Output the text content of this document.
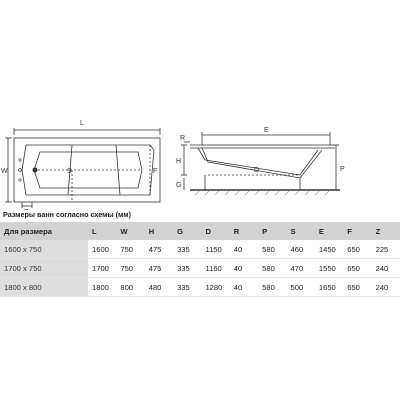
L
W	S	F
R
H
G
E
D	P
Размеры ванн согласно схемы (мм)
Для размера	L	W	H	G	D	R	P	S	E	F	Z
1600 x 750	1600	750	475	335	1150	40	580	460	1450	650	225
1700 x 750	1700	750	475	335	1160	40	580	470	1550	650	240
1800 x 800	1800	800	480	335	1280	40	580	500	1650	650	240
